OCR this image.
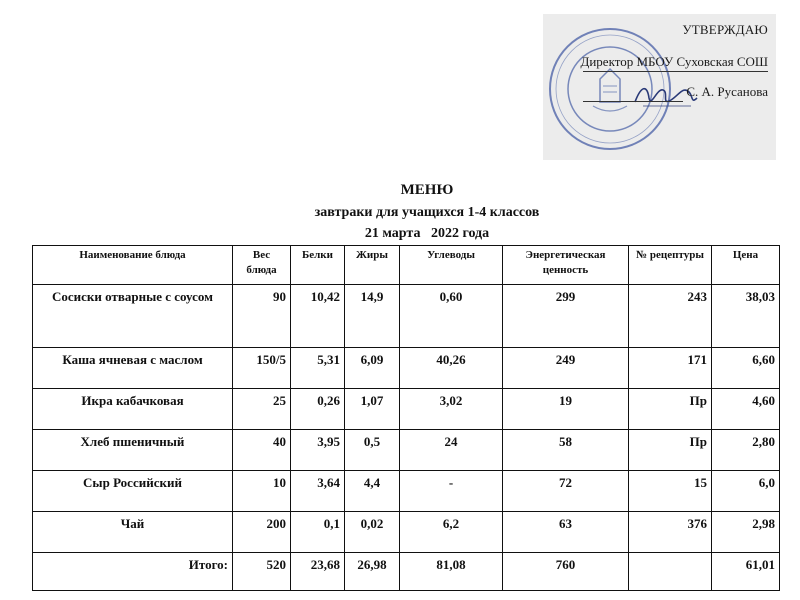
УТВЕРЖДАЮ
Директор МБОУ Суховская СОШ
С. А. Русанова
МЕНЮ
завтраки для учащихся 1-4 классов
21 марта   2022 года
Наименование блюда	Вес блюда	Белки	Жиры	Углеводы	Энергетическая ценность	№ рецептуры	Цена
Сосиски отварные с соусом	90	10,42	14,9	0,60	299	243	38,03
Каша ячневая с маслом	150/5	5,31	6,09	40,26	249	171	6,60
Икра кабачковая	25	0,26	1,07	3,02	19	Пр	4,60
Хлеб пшеничный	40	3,95	0,5	24	58	Пр	2,80
Сыр Российский	10	3,64	4,4	-	72	15	6,0
Чай	200	0,1	0,02	6,2	63	376	2,98
Итого:	520	23,68	26,98	81,08	760		61,01
